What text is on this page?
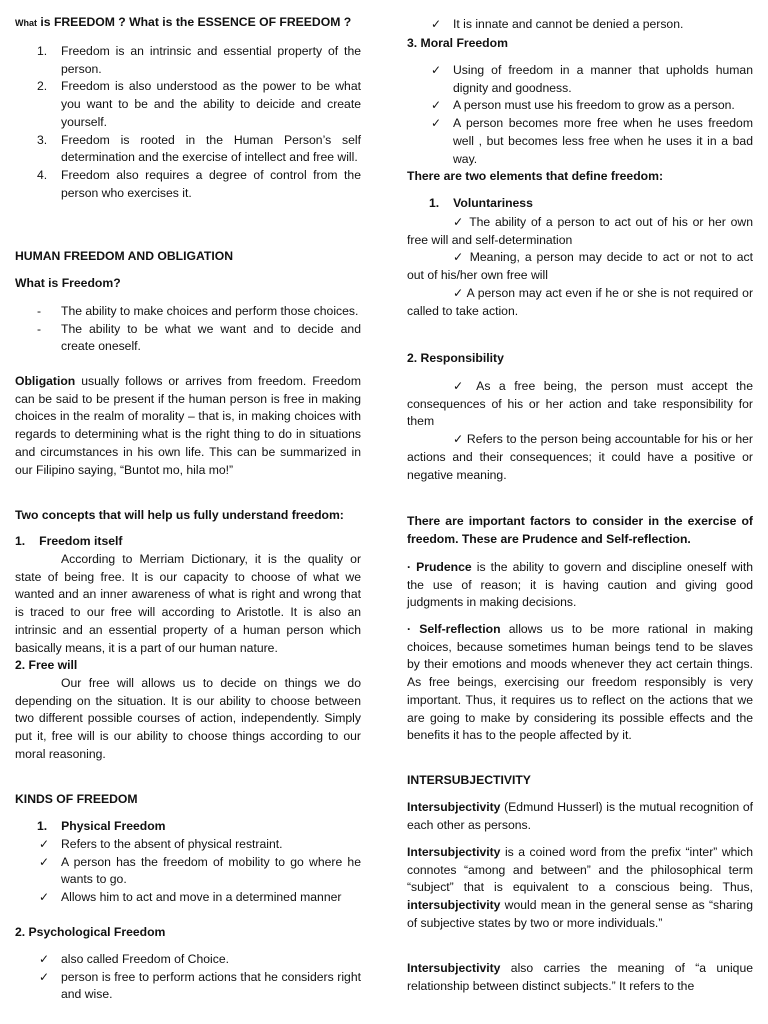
What is FREEDOM ? What is the ESSENCE OF FREEDOM ?
1. Freedom is an intrinsic and essential property of the person.
2. Freedom is also understood as the power to be what you want to be and the ability to deicide and create yourself.
3. Freedom is rooted in the Human Person’s self determination and the exercise of intellect and free will.
4. Freedom also requires a degree of control from the person who exercises it.
HUMAN FREEDOM AND OBLIGATION
What is Freedom?
- The ability to make choices and perform those choices.
- The ability to be what we want and to decide and create oneself.
Obligation usually follows or arrives from freedom. Freedom can be said to be present if the human person is free in making choices in the realm of morality – that is, in making choices with regards to determining what is the right thing to do in situations and circumstances in his own life. This can be summarized in our Filipino saying, “Buntot mo, hila mo!”
Two concepts that will help us fully understand freedom:
1. Freedom itself
According to Merriam Dictionary, it is the quality or state of being free. It is our capacity to choose of what we wanted and an inner awareness of what is right and wrong that is traced to our free will according to Aristotle. It is also an intrinsic and an essential property of a human person which basically means, it is a part of our human nature.
2. Free will
Our free will allows us to decide on things we do depending on the situation. It is our ability to choose between two different possible courses of action, independently. Simply put it, free will is our ability to choose things according to our moral reasoning.
KINDS OF FREEDOM
1. Physical Freedom
✓ Refers to the absent of physical restraint.
✓ A person has the freedom of mobility to go where he wants to go.
✓ Allows him to act and move in a determined manner
2. Psychological Freedom
✓ also called Freedom of Choice.
✓ person is free to perform actions that he considers right and wise.
✓ It is innate and cannot be denied a person.
3. Moral Freedom
✓ Using of freedom in a manner that upholds human dignity and goodness.
✓ A person must use his freedom to grow as a person.
✓ A person becomes more free when he uses freedom well , but becomes less free when he uses it in a bad way.
There are two elements that define freedom:
1. Voluntariness
✓ The ability of a person to act out of his or her own free will and self-determination
✓ Meaning, a person may decide to act or not to act out of his/her own free will
✓ A person may act even if he or she is not required or called to take action.
2. Responsibility
✓ As a free being, the person must accept the consequences of his or her action and take responsibility for them
✓ Refers to the person being accountable for his or her actions and their consequences; it could have a positive or negative meaning.
There are important factors to consider in the exercise of freedom. These are Prudence and Self-reflection.
· Prudence is the ability to govern and discipline oneself with the use of reason; it is having caution and giving good judgments in making decisions.
· Self-reflection allows us to be more rational in making choices, because sometimes human beings tend to be slaves by their emotions and moods whenever they act certain things. As free beings, exercising our freedom responsibly is very important. Thus, it requires us to reflect on the actions that we are going to make by considering its possible effects and the benefits it has to the people affected by it.
INTERSUBJECTIVITY
Intersubjectivity (Edmund Husserl) is the mutual recognition of each other as persons.
Intersubjectivity is a coined word from the prefix “inter” which connotes “among and between” and the philosophical term “subject” that is equivalent to a conscious being. Thus, intersubjectivity would mean in the general sense as “sharing of subjective states by two or more individuals.”
Intersubjectivity also carries the meaning of “a unique relationship between distinct subjects.” It refers to the
